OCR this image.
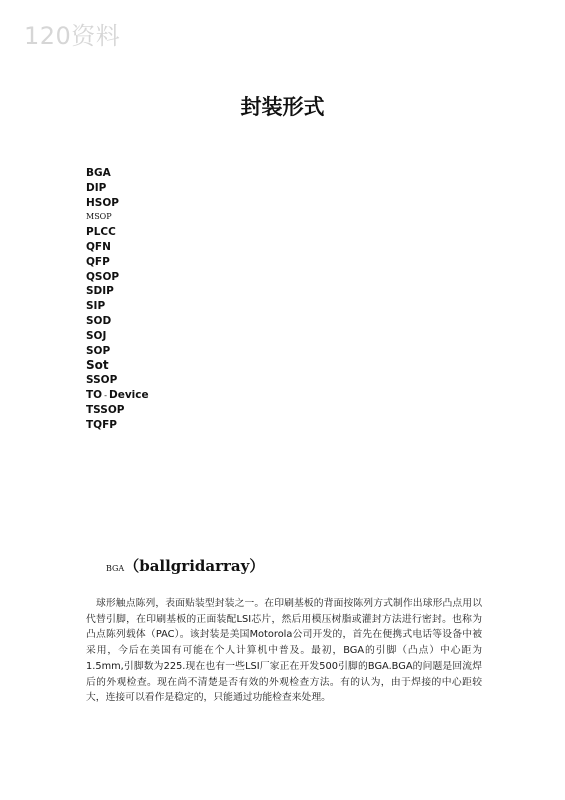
120资料
封装形式
BGA
DIP
HSOP
MSOP
PLCC
QFN
QFP
QSOP
SDIP
SIP
SOD
SOJ
SOP
Sot
SSOP
TO - Device
TSSOP
TQFP
BGA（ballgridarray）

球形触点陈列，表面贴装型封装之一。在印刷基板的背面按陈列方式制作出球形凸点用以代替引脚，在印刷基板的正面装配LSI芯片，然后用模压树脂或灌封方法进行密封。也称为凸点陈列载体（PAC）。该封装是美国Motorola公司开发的，首先在便携式电话等设备中被采用，今后在美国有可能在个人计算机中普及。最初，BGA的引脚（凸点）中心距为1.5mm,引脚数为225.现在也有一些LSI厂家正在开发500引脚的BGA.BGA的问题是回流焊后的外观检查。现在尚不清楚是否有效的外观检查方法。有的认为，由于焊接的中心距较大，连接可以看作是稳定的，只能通过功能检查来处理。
